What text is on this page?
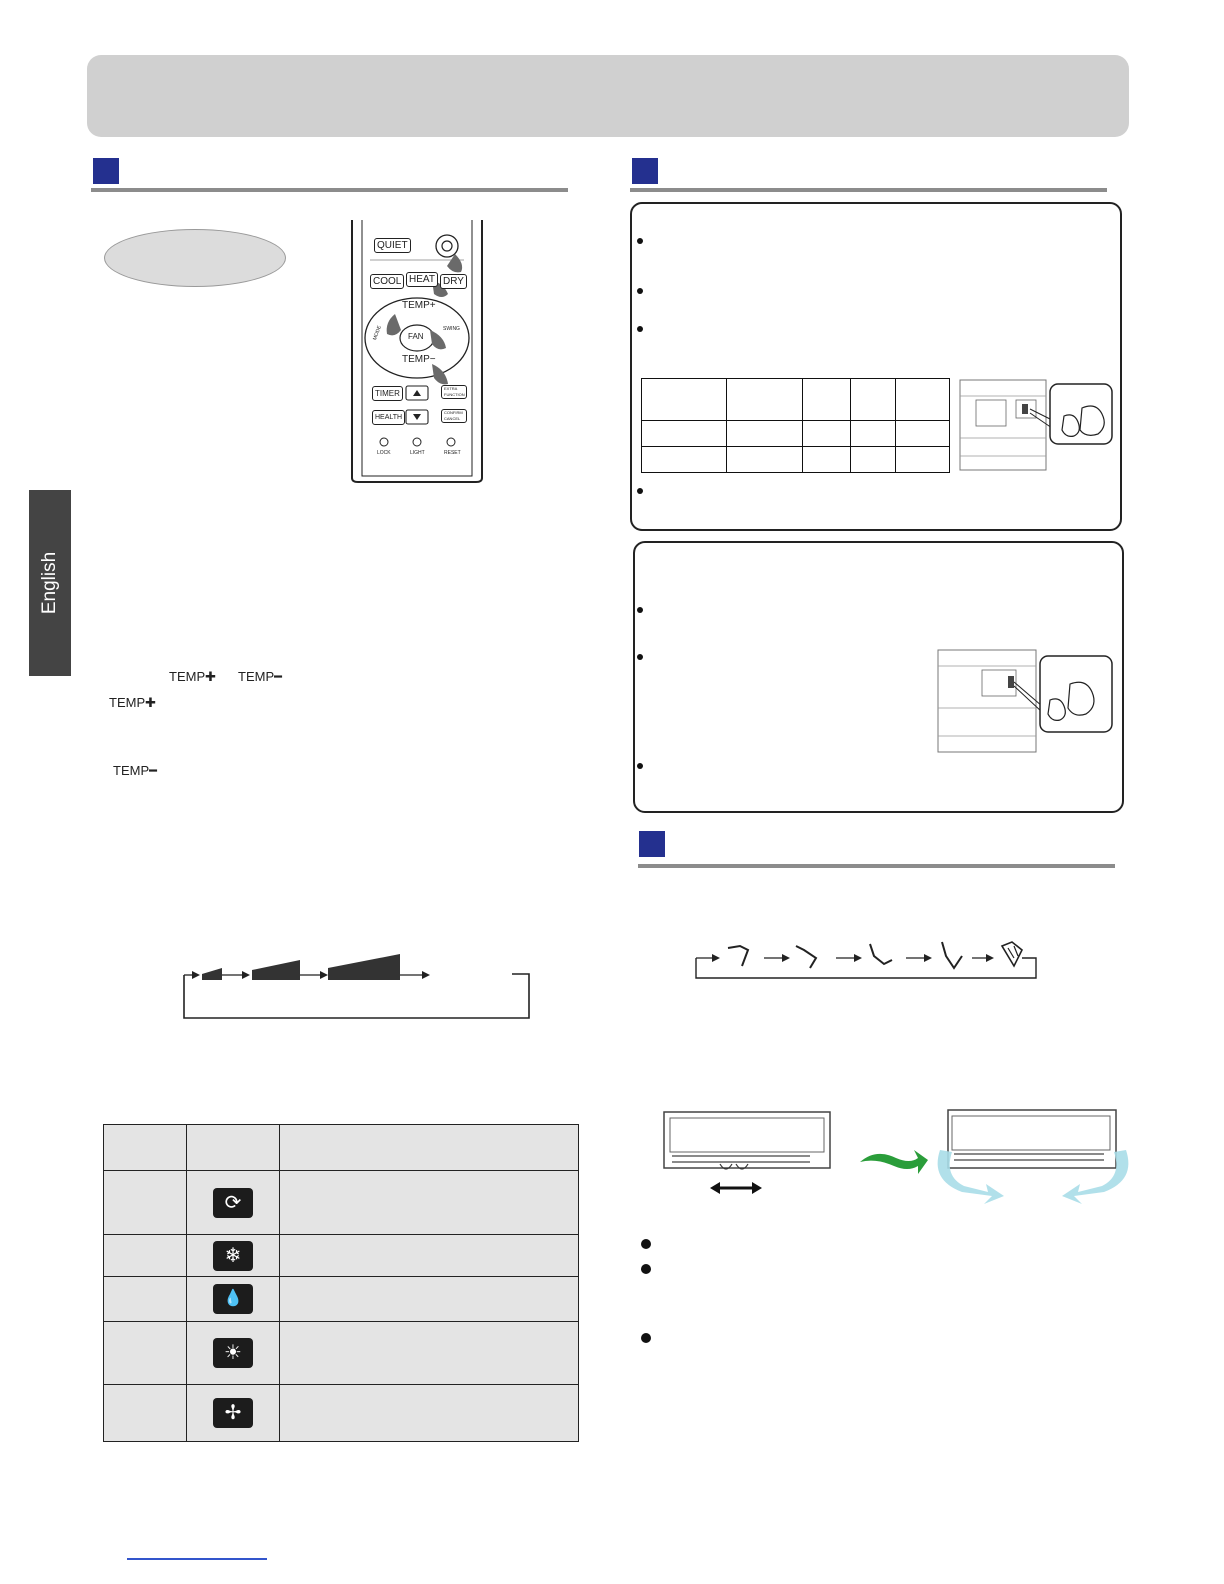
English
QUIET
COOL HEAT DRY
TEMP+
FAN
SWING
MODE
TEMP−
TIMER
EXTRA FUNCTION
HEALTH
CONFIRM CANCEL
LOCK	LIGHT	RESET
TEMP✚ TEMP━
TEMP✚
TEMP━

	⟳	
	❄	
	💧	
	☀	
	✢	
